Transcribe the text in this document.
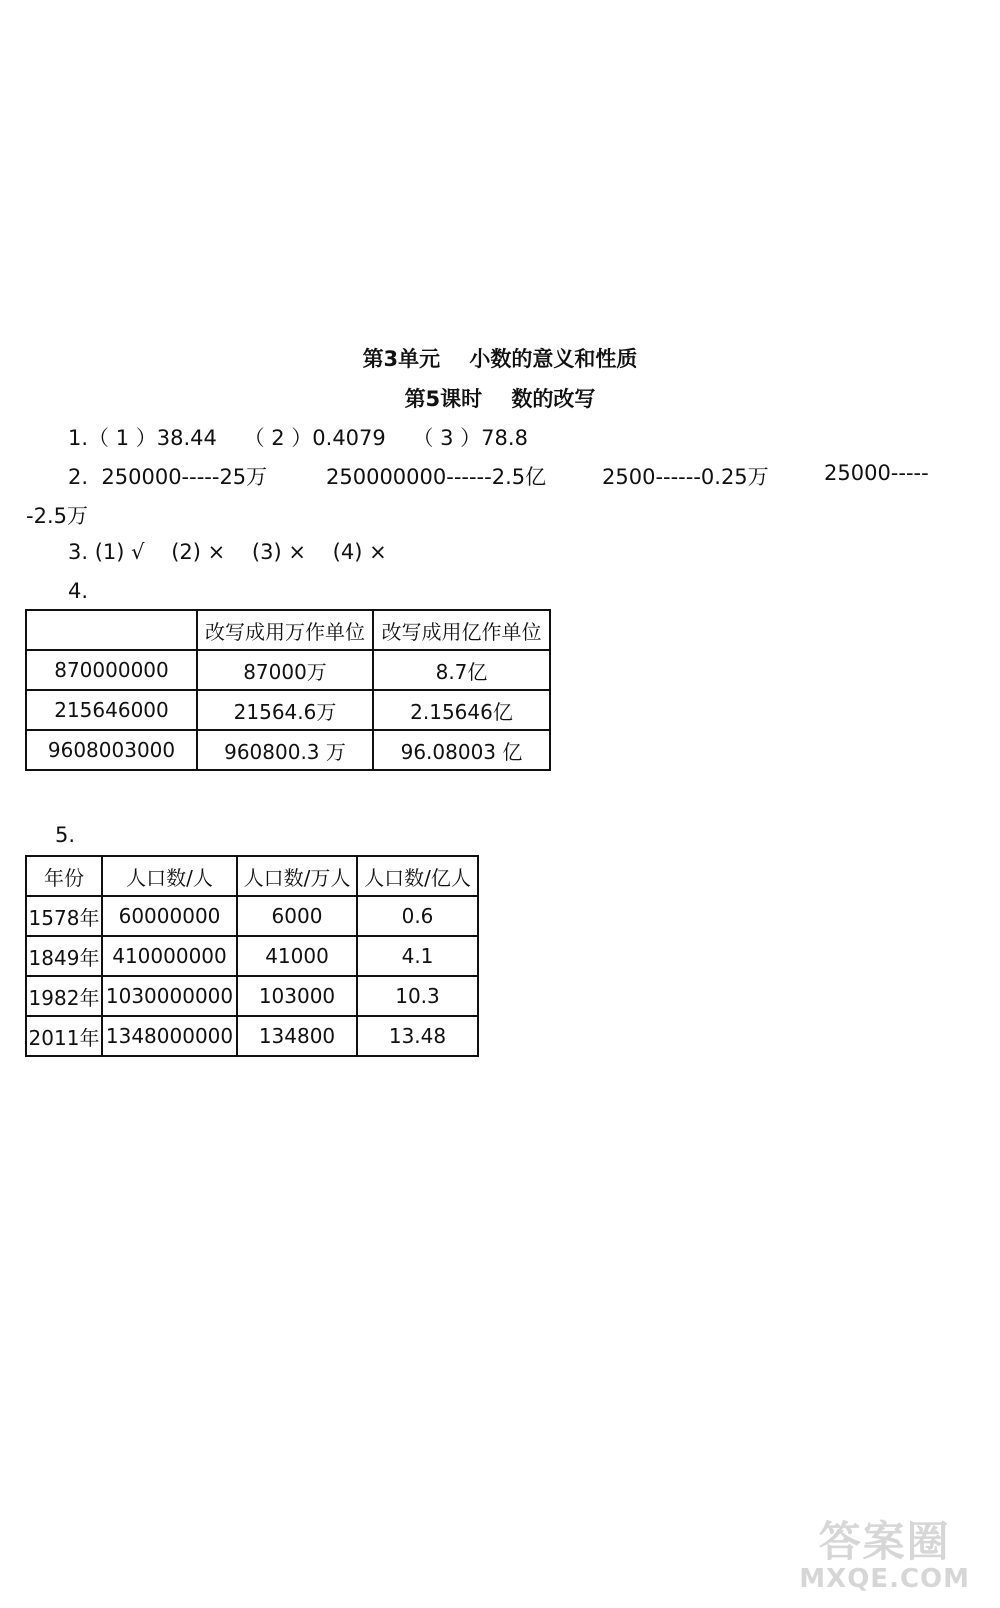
第3单元    小数的意义和性质
第5课时    数的改写
1.（ 1 ）38.44    （ 2 ）0.4079    （ 3 ）78.8

2.  250000-----25万

	250000000------2.5亿

	2500------0.25万

	25000-----

-2.5万
3. (1) √    (2) ×    (3) ×    (4) ×
4.
	改写成用万作单位	改写成用亿作单位
870000000	87000万	8.7亿
215646000	21564.6万	2.15646亿
9608003000	960800.3 万	96.08003 亿
5.
年份	人口数/人	人口数/万人	人口数/亿人
1578年	60000000	6000	0.6
1849年	410000000	41000	4.1
1982年	1030000000	103000	10.3
2011年	1348000000	134800	13.48
答案圈
MXQE.COM
